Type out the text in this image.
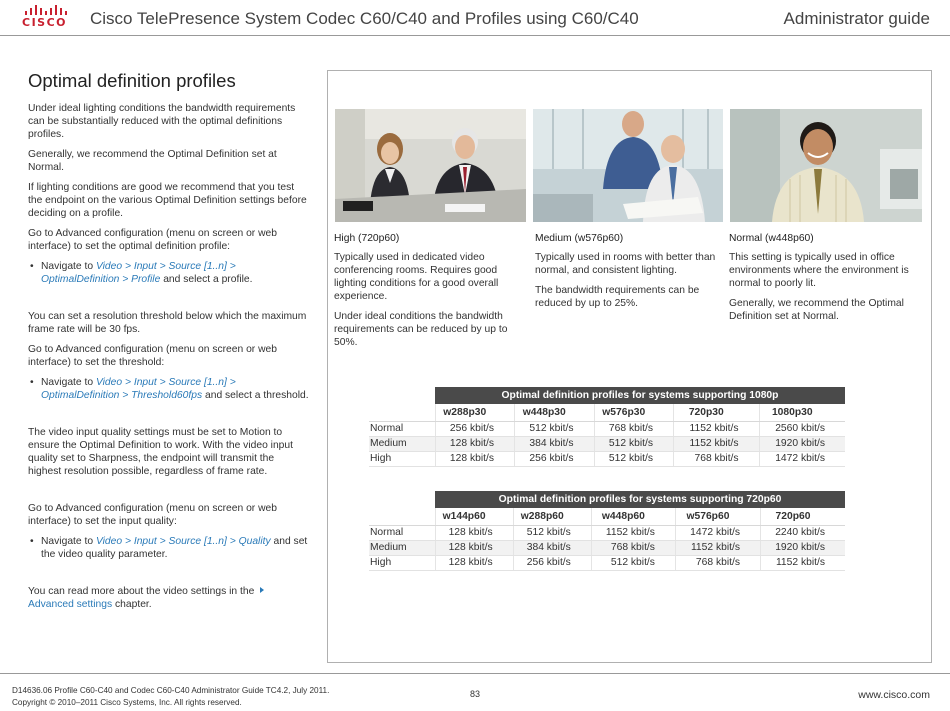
CISCO Cisco TelePresence System Codec C60/C40 and Profiles using C60/C40	Administrator guide
Optimal definition profiles

Under ideal lighting conditions the bandwidth requirements can be substantially reduced with the optimal definitions profiles.

Generally, we recommend the Optimal Definition set at Normal.

If lighting conditions are good we recommend that you test the endpoint on the various Optimal Definition settings before deciding on a profile.

Go to Advanced configuration (menu on screen or web interface) to set the optimal definition profile:

• Navigate to Video > Input > Source [1..n] > OptimalDefinition > Profile and select a profile.

You can set a resolution threshold below which the maximum frame rate will be 30 fps.

Go to Advanced configuration (menu on screen or web interface) to set the threshold:

• Navigate to Video > Input > Source [1..n] > OptimalDefinition > Threshold60fps and select a threshold.

The video input quality settings must be set to Motion to ensure the Optimal Definition to work. With the video input quality set to Sharpness, the endpoint will transmit the highest resolution possible, regardless of frame rate.

Go to Advanced configuration (menu on screen or web interface) to set the input quality:

• Navigate to Video > Input > Source [1..n] > Quality and set the video quality parameter.

You can read more about the video settings in the Advanced settings chapter.

High (720p60)

Typically used in dedicated video conferencing rooms. Requires good lighting conditions for a good overall experience.

Under ideal conditions the bandwidth requirements can be reduced by up to 50%.

Medium (w576p60)

Typically used in rooms with better than normal, and consistent lighting.

The bandwidth requirements can be reduced by up to 25%.

Normal (w448p60)

This setting is typically used in office environments where the environment is normal to poorly lit.

Generally, we recommend the Optimal Definition set at Normal.

	Optimal definition profiles for systems supporting 1080p				
	w288p30	w448p30	w576p30	720p30	1080p30
Normal	256 kbit/s	512 kbit/s	768 kbit/s	1152 kbit/s	2560 kbit/s
Medium	128 kbit/s	384 kbit/s	512 kbit/s	1152 kbit/s	1920 kbit/s
High	128 kbit/s	256 kbit/s	512 kbit/s	768 kbit/s	1472 kbit/s
	Optimal definition profiles for systems supporting 720p60				
	w144p60	w288p60	w448p60	w576p60	720p60
Normal	128 kbit/s	512 kbit/s	1152 kbit/s	1472 kbit/s	2240 kbit/s
Medium	128 kbit/s	384 kbit/s	768 kbit/s	1152 kbit/s	1920 kbit/s
High	128 kbit/s	256 kbit/s	512 kbit/s	768 kbit/s	1152 kbit/s
D14636.06 Profile C60-C40 and Codec C60-C40 Administrator Guide TC4.2, July 2011.
Copyright © 2010–2011 Cisco Systems, Inc. All rights reserved.
83	www.cisco.com
